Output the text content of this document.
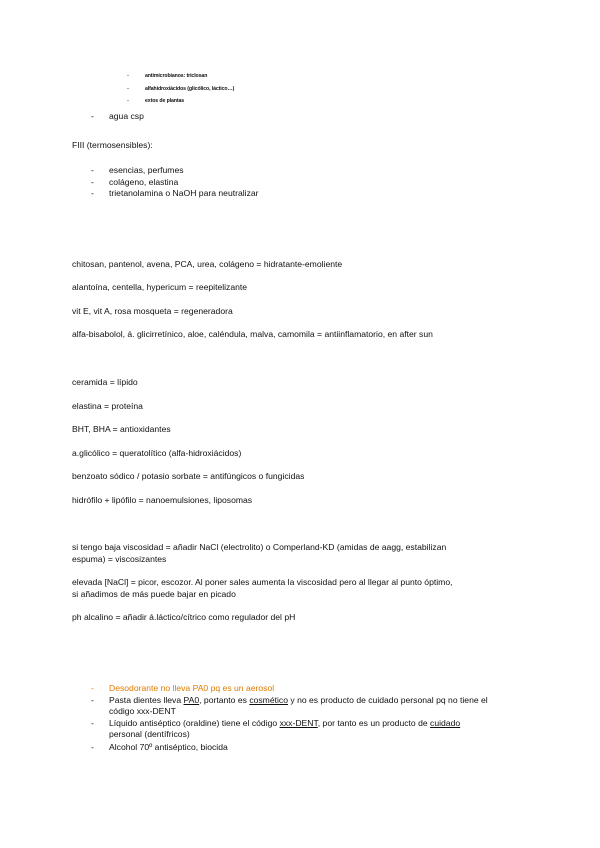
-	antimicrobianos: triclosan
-	alfahidroxiácidos (glicólico, láctico…)
-	extos de plantas
- agua csp
FIII (termosensibles):
- esencias, perfumes
- colágeno, elastina
- trietanolamina o NaOH para neutralizar
chitosan, pantenol, avena, PCA, urea, colágeno = hidratante-emoliente
alantoína, centella, hypericum = reepitelizante
vit E, vit A, rosa mosqueta = regeneradora
alfa-bisabolol, á. glicirretínico, aloe, caléndula, malva, camomila = antiinflamatorio, en after sun
ceramida = lípido
elastina = proteína
BHT, BHA = antioxidantes
a.glicólico = queratolítico (alfa-hidroxiácidos)
benzoato sódico / potasio sorbate = antifúngicos o fungicidas
hidrófilo + lipófilo = nanoemulsiones, liposomas
si tengo baja viscosidad = añadir NaCl (electrolito) o Comperland-KD (amidas de aagg, estabilizan
espuma) = viscosizantes
elevada [NaCl] = picor, escozor. Al poner sales aumenta la viscosidad pero al llegar al punto óptimo,
si añadimos de más puede bajar en picado
ph alcalino = añadir á.láctico/cítrico como regulador del pH
- Desodorante no lleva PA0 pq es un aerosol
- Pasta dientes lleva PA0, portanto es cosmético y no es producto de cuidado personal pq no tiene el
código xxx-DENT
- Líquido antiséptico (oraldine) tiene el código xxx-DENT, por tanto es un producto de cuidado
personal (dentífricos)
- Alcohol 70º antiséptico, biocida
